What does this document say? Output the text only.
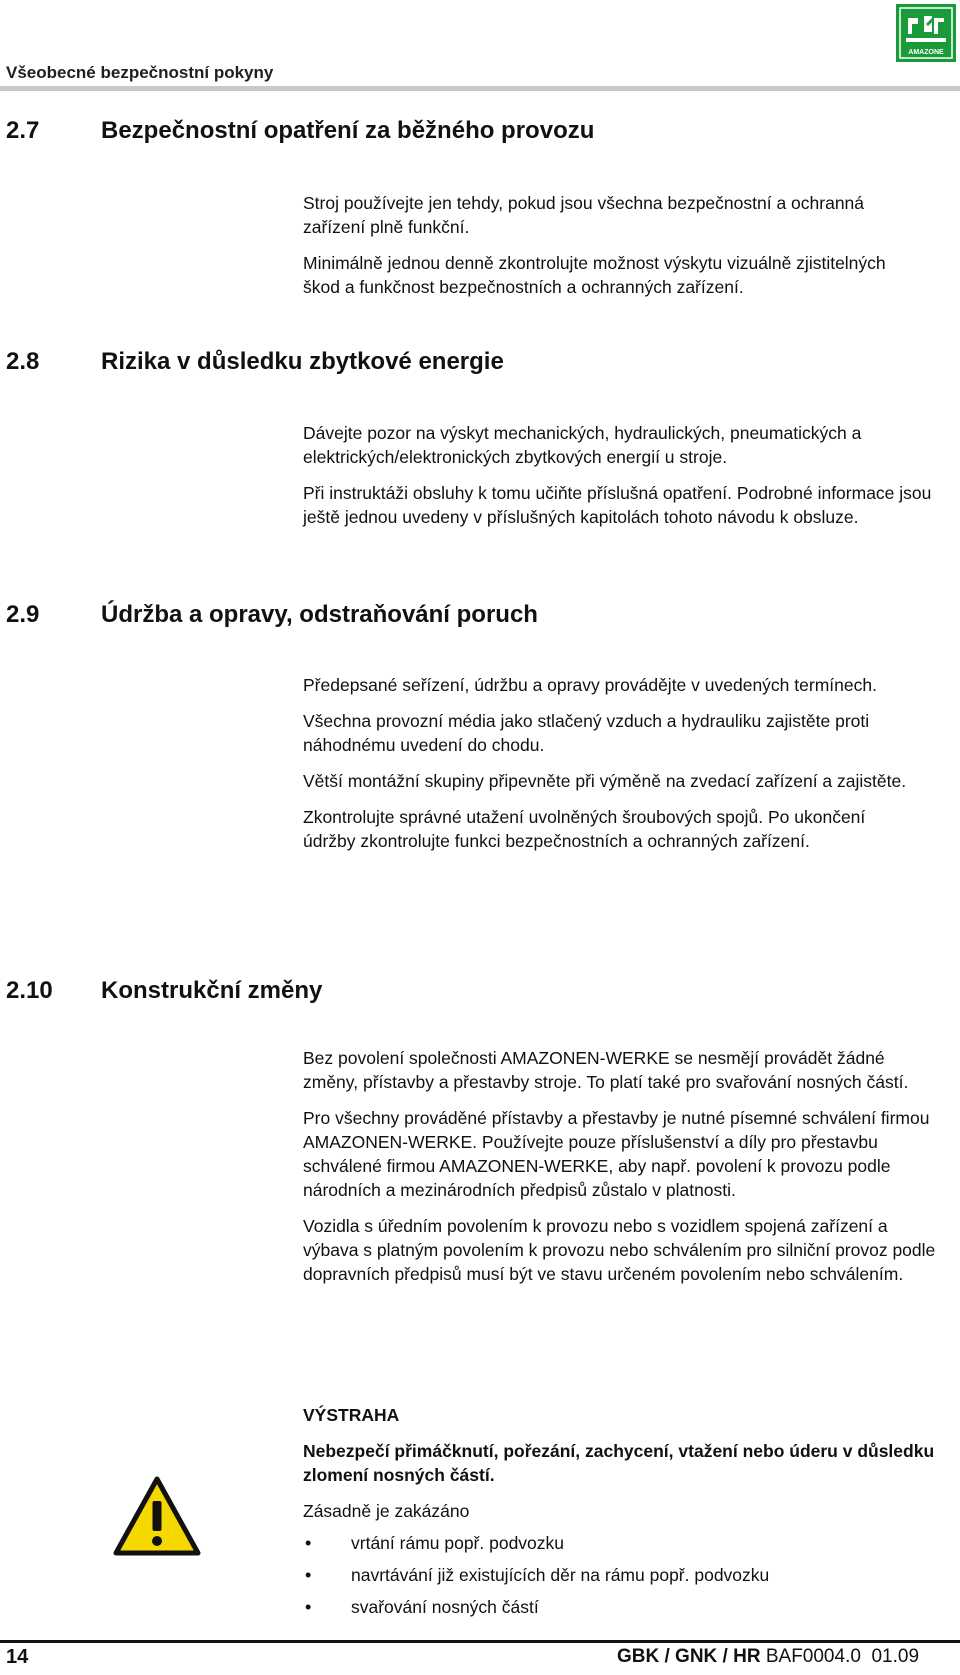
Všeobecné bezpečnostní pokyny
AMAZONE
2.7	Bezpečnostní opatření za běžného provozu

Stroj používejte jen tehdy, pokud jsou všechna bezpečnostní a ochranná zařízení plně funkční.

Minimálně jednou denně zkontrolujte možnost výskytu vizuálně zjistitelných škod a funkčnost bezpečnostních a ochranných zařízení.

2.8	Rizika v důsledku zbytkové energie

Dávejte pozor na výskyt mechanických, hydraulických, pneumatických a elektrických/elektronických zbytkových energií u stroje.

Při instruktáži obsluhy k tomu učiňte příslušná opatření. Podrobné informace jsou ještě jednou uvedeny v příslušných kapitolách tohoto návodu k obsluze.

2.9	Údržba a opravy, odstraňování poruch

Předepsané seřízení, údržbu a opravy provádějte v uvedených termínech.

Všechna provozní média jako stlačený vzduch a hydrauliku zajistěte proti náhodnému uvedení do chodu.

Větší montážní skupiny připevněte při výměně na zvedací zařízení a zajistěte.

Zkontrolujte správné utažení uvolněných šroubových spojů. Po ukončení údržby zkontrolujte funkci bezpečnostních a ochranných zařízení.

2.10 Konstrukční změny

Bez povolení společnosti AMAZONEN-WERKE se nesmějí provádět žádné změny, přístavby a přestavby stroje. To platí také pro svařování nosných částí.

Pro všechny prováděné přístavby a přestavby je nutné písemné schválení firmou AMAZONEN-WERKE. Používejte pouze příslušenství a díly pro přestavbu schválené firmou AMAZONEN-WERKE, aby např. povolení k provozu podle národních a mezinárodních předpisů zůstalo v platnosti.

Vozidla s úředním povolením k provozu nebo s vozidlem spojená zařízení a výbava s platným povolením k provozu nebo schválením pro silniční provoz podle dopravních předpisů musí být ve stavu určeném povolením nebo schválením.

VÝSTRAHA

Nebezpečí přimáčknutí, pořezání, zachycení, vtažení nebo úderu v důsledku zlomení nosných částí.

Zásadně je zakázáno

• vrtání rámu popř. podvozku
• navrtávání již existujících děr na rámu popř. podvozku
• svařování nosných částí
14	GBK / GNK / HR BAF0004.0  01.09
